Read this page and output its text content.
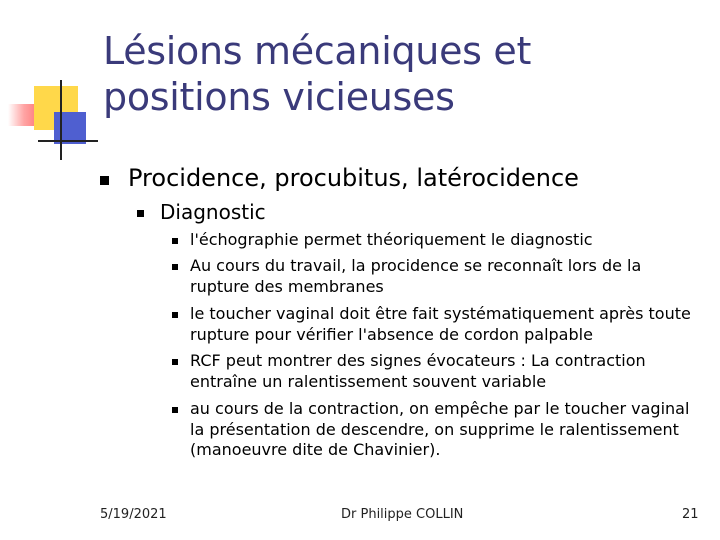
Lésions mécaniques et positions vicieuses
Procidence, procubitus, latérocidence
Diagnostic
l'échographie permet théoriquement le diagnostic
Au cours du travail, la procidence se reconnaît lors de la rupture des membranes
le toucher vaginal doit être fait systématiquement après toute rupture pour vérifier l'absence de cordon palpable
RCF peut montrer des signes évocateurs : La contraction entraîne un ralentissement souvent variable
au cours de la contraction, on empêche par le toucher vaginal la présentation de descendre, on supprime le ralentissement (manoeuvre dite de Chavinier).
5/19/2021	Dr Philippe COLLIN	21
